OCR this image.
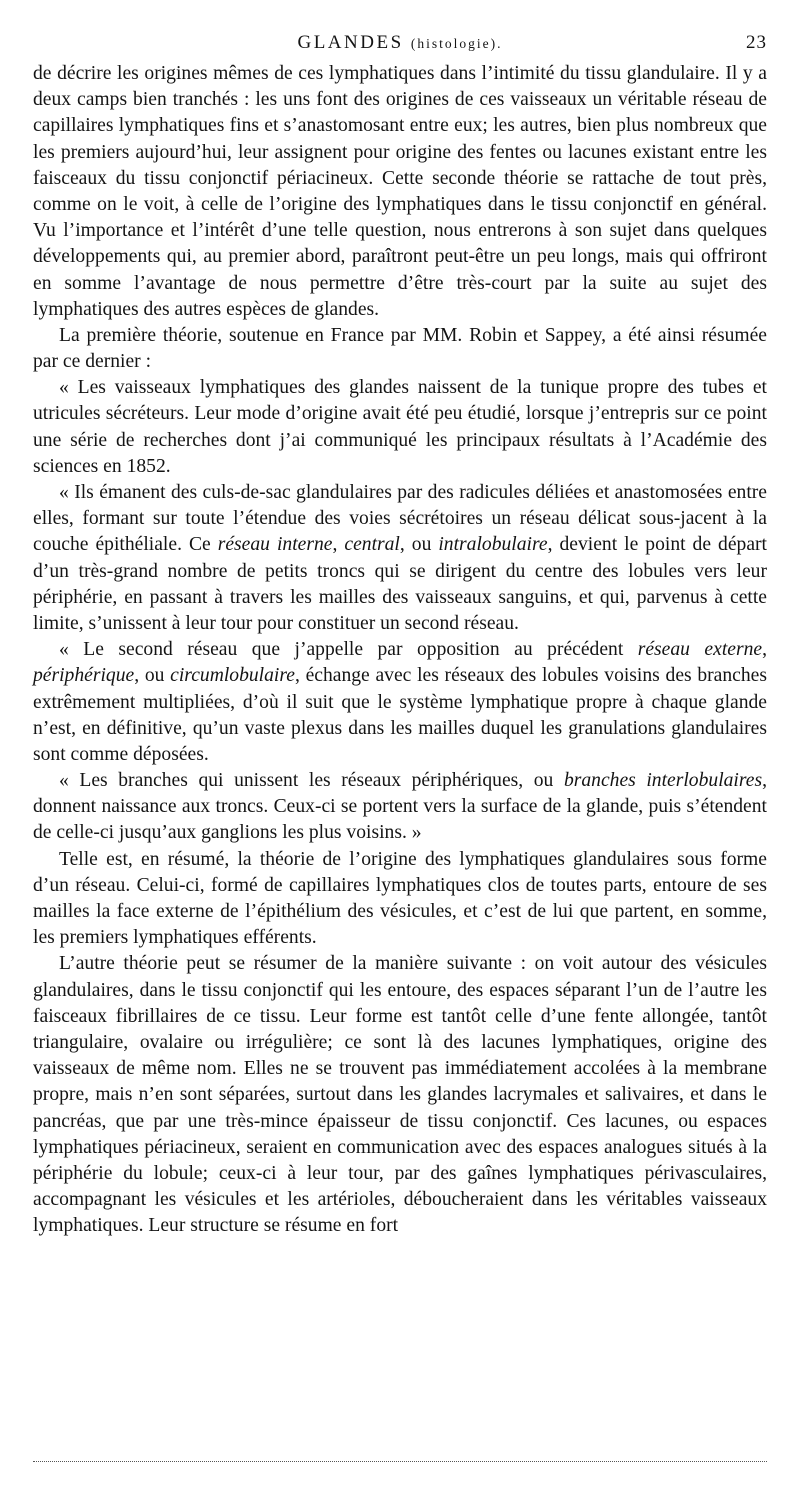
GLANDES (histologie).	23

de décrire les origines mêmes de ces lymphatiques dans l’intimité du tissu glandulaire. Il y a deux camps bien tranchés : les uns font des origines de ces vaisseaux un véritable réseau de capillaires lymphatiques fins et s’anastomosant entre eux; les autres, bien plus nombreux que les premiers aujourd’hui, leur assignent pour origine des fentes ou lacunes existant entre les faisceaux du tissu conjonctif périacineux. Cette seconde théorie se rattache de tout près, comme on le voit, à celle de l’origine des lymphatiques dans le tissu conjonctif en général. Vu l’importance et l’intérêt d’une telle question, nous entrerons à son sujet dans quelques développements qui, au premier abord, paraîtront peut-être un peu longs, mais qui offriront en somme l’avantage de nous permettre d’être très-court par la suite au sujet des lymphatiques des autres espèces de glandes.

La première théorie, soutenue en France par MM. Robin et Sappey, a été ainsi résumée par ce dernier :

« Les vaisseaux lymphatiques des glandes naissent de la tunique propre des tubes et utricules sécréteurs. Leur mode d’origine avait été peu étudié, lorsque j’entrepris sur ce point une série de recherches dont j’ai communiqué les principaux résultats à l’Académie des sciences en 1852.

« Ils émanent des culs-de-sac glandulaires par des radicules déliées et anastomosées entre elles, formant sur toute l’étendue des voies sécrétoires un réseau délicat sous-jacent à la couche épithéliale. Ce réseau interne, central, ou intralobulaire, devient le point de départ d’un très-grand nombre de petits troncs qui se dirigent du centre des lobules vers leur périphérie, en passant à travers les mailles des vaisseaux sanguins, et qui, parvenus à cette limite, s’unissent à leur tour pour constituer un second réseau.

« Le second réseau que j’appelle par opposition au précédent réseau externe, périphérique, ou circumlobulaire, échange avec les réseaux des lobules voisins des branches extrêmement multipliées, d’où il suit que le système lymphatique propre à chaque glande n’est, en définitive, qu’un vaste plexus dans les mailles duquel les granulations glandulaires sont comme déposées.

« Les branches qui unissent les réseaux périphériques, ou branches interlobulaires, donnent naissance aux troncs. Ceux-ci se portent vers la surface de la glande, puis s’étendent de celle-ci jusqu’aux ganglions les plus voisins. »

Telle est, en résumé, la théorie de l’origine des lymphatiques glandulaires sous forme d’un réseau. Celui-ci, formé de capillaires lymphatiques clos de toutes parts, entoure de ses mailles la face externe de l’épithélium des vésicules, et c’est de lui que partent, en somme, les premiers lymphatiques efférents.

L’autre théorie peut se résumer de la manière suivante : on voit autour des vésicules glandulaires, dans le tissu conjonctif qui les entoure, des espaces séparant l’un de l’autre les faisceaux fibrillaires de ce tissu. Leur forme est tantôt celle d’une fente allongée, tantôt triangulaire, ovalaire ou irrégulière; ce sont là des lacunes lymphatiques, origine des vaisseaux de même nom. Elles ne se trouvent pas immédiatement accolées à la membrane propre, mais n’en sont séparées, surtout dans les glandes lacrymales et salivaires, et dans le pancréas, que par une très-mince épaisseur de tissu conjonctif. Ces lacunes, ou espaces lymphatiques périacineux, seraient en communication avec des espaces analogues situés à la périphérie du lobule; ceux-ci à leur tour, par des gaînes lymphatiques périvasculaires, accompagnant les vésicules et les artérioles, déboucheraient dans les véritables vaisseaux lymphatiques. Leur structure se résume en fort
